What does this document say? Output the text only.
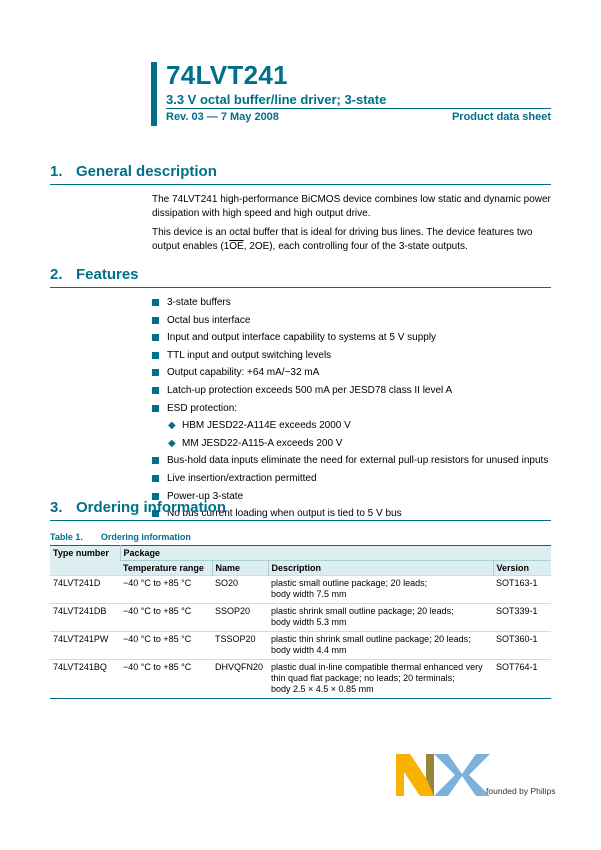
74LVT241
3.3 V octal buffer/line driver; 3-state
Rev. 03 — 7 May 2008	Product data sheet
1. General description
The 74LVT241 high-performance BiCMOS device combines low static and dynamic power dissipation with high speed and high output drive.
This device is an octal buffer that is ideal for driving bus lines. The device features two output enables ($1\overline{OE}$, 2OE), each controlling four of the 3-state outputs.
2. Features
3-state buffers
Octal bus interface
Input and output interface capability to systems at 5 V supply
TTL input and output switching levels
Output capability: +64 mA/−32 mA
Latch-up protection exceeds 500 mA per JESD78 class II level A
ESD protection:
◆ HBM JESD22-A114E exceeds 2000 V
◆ MM JESD22-A115-A exceeds 200 V
Bus-hold data inputs eliminate the need for external pull-up resistors for unused inputs
Live insertion/extraction permitted
Power-up 3-state
No bus current loading when output is tied to 5 V bus
3. Ordering information
Table 1. Ordering information
Type number	Package			
	Temperature range	Name	Description	Version
74LVT241D	−40 °C to +85 °C	SO20	plastic small outline package; 20 leads;
body width 7.5 mm	SOT163-1
74LVT241DB	−40 °C to +85 °C	SSOP20	plastic shrink small outline package; 20 leads;
body width 5.3 mm	SOT339-1
74LVT241PW	−40 °C to +85 °C	TSSOP20	plastic thin shrink small outline package; 20 leads;
body width 4.4 mm	SOT360-1
74LVT241BQ	−40 °C to +85 °C	DHVQFN20	plastic dual in-line compatible thermal enhanced very
thin quad flat package; no leads; 20 terminals;
body 2.5 × 4.5 × 0.85 mm	SOT764-1
founded by Philips
